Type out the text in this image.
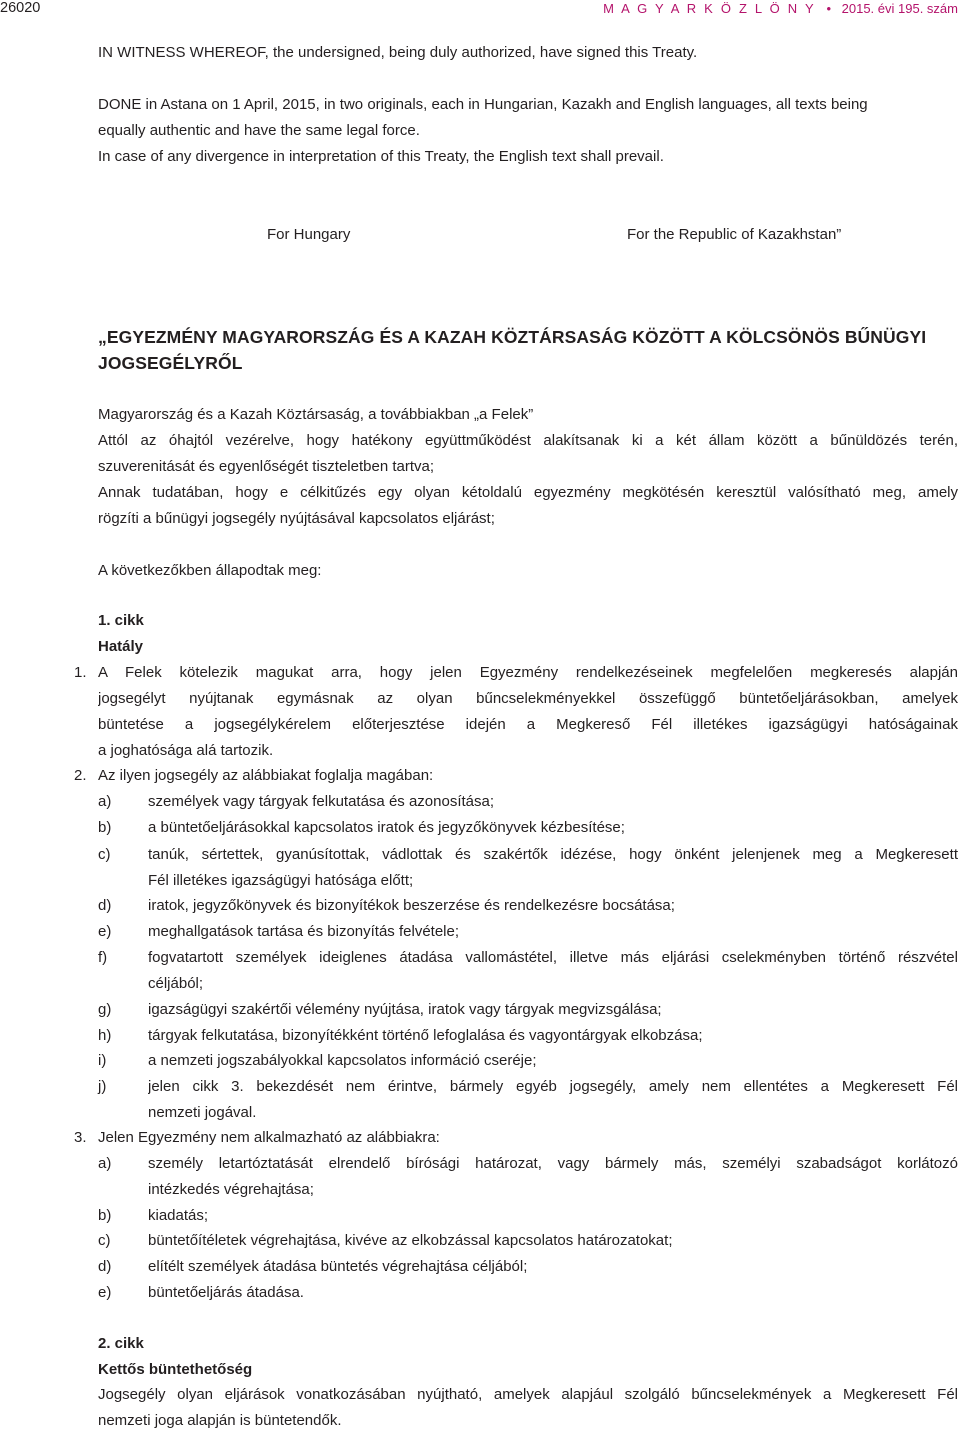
26020	M A G Y A R K Ö Z L Ö N Y • 2015. évi 195. szám
IN WITNESS WHEREOF, the undersigned, being duly authorized, have signed this Treaty.
DONE in Astana on 1 April, 2015, in two originals, each in Hungarian, Kazakh and English languages, all texts being
equally authentic and have the same legal force.
In case of any divergence in interpretation of this Treaty, the English text shall prevail.
For Hungary	For the Republic of Kazakhstan”
„EGYEZMÉNY MAGYARORSZÁG ÉS A KAZAH KÖZTÁRSASÁG KÖZÖTT A KÖLCSÖNÖS BŰNÜGYI
JOGSEGÉLYRŐL
Magyarország és a Kazah Köztársaság, a továbbiakban „a Felek”
Attól az óhajtól vezérelve, hogy hatékony együttműködést alakítsanak ki a két állam között a bűnüldözés terén,
szuverenitását és egyenlőségét tiszteletben tartva;
Annak tudatában, hogy e célkitűzés egy olyan kétoldalú egyezmény megkötésén keresztül valósítható meg, amely
rögzíti a bűnügyi jogsegély nyújtásával kapcsolatos eljárást;
A következőkben állapodtak meg:
1. cikk
Hatály
1. A Felek kötelezik magukat arra, hogy jelen Egyezmény rendelkezéseinek megfelelően megkeresés alapján
jogsegélyt nyújtanak egymásnak az olyan bűncselekményekkel összefüggő büntetőeljárásokban, amelyek
büntetése a jogsegélykérelem előterjesztése idején a Megkereső Fél illetékes igazságügyi hatóságainak
a joghatósága alá tartozik.
2. Az ilyen jogsegély az alábbiakat foglalja magában:
a) személyek vagy tárgyak felkutatása és azonosítása;
b) a büntetőeljárásokkal kapcsolatos iratok és jegyzőkönyvek kézbesítése;
c)	tanúk, sértettek, gyanúsítottak, vádlottak és szakértők idézése, hogy önként jelenjenek meg a Megkeresett
Fél illetékes igazságügyi hatósága előtt;
d) iratok, jegyzőkönyvek és bizonyítékok beszerzése és rendelkezésre bocsátása;
e) meghallgatások tartása és bizonyítás felvétele;
f)	fogvatartott személyek ideiglenes átadása vallomástétel, illetve más eljárási cselekményben történő részvétel
céljából;
g) igazságügyi szakértői vélemény nyújtása, iratok vagy tárgyak megvizsgálása;
h) tárgyak felkutatása, bizonyítékként történő lefoglalása és vagyontárgyak elkobzása;
i)	a nemzeti jogszabályokkal kapcsolatos információ cseréje;
j)	jelen cikk 3. bekezdését nem érintve, bármely egyéb jogsegély, amely nem ellentétes a Megkeresett Fél
nemzeti jogával.
3. Jelen Egyezmény nem alkalmazható az alábbiakra:
a) személy letartóztatását elrendelő bírósági határozat, vagy bármely más, személyi szabadságot korlátozó
intézkedés végrehajtása;
b) kiadatás;
c)	büntetőítéletek végrehajtása, kivéve az elkobzással kapcsolatos határozatokat;
d) elítélt személyek átadása büntetés végrehajtása céljából;
e) büntetőeljárás átadása.
2. cikk
Kettős büntethetőség
Jogsegély olyan eljárások vonatkozásában nyújtható, amelyek alapjául szolgáló bűncselekmények a Megkeresett Fél
nemzeti joga alapján is büntetendők.
